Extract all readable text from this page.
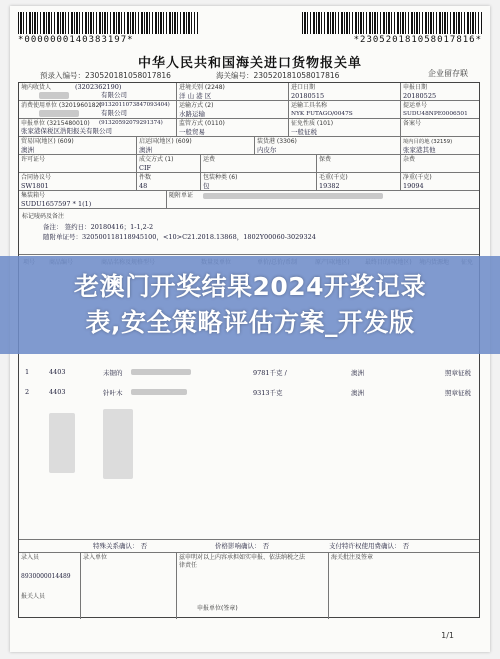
*0000000140383197*	*230520181058017816*
中华人民共和国海关进口货物报关单
预录入编号：230520181058017816	海关编号：230520181058017816	企业留存联
境内收货人	(3202362190)
有限公司
进境关别 (2248)
洋 山 港 区
进口日期
20180515
申报日期
20180525
消费使用单位 (3201960182)
(9132011073847093404)
有限公司
运输方式 (2)
水路运输
运输工具名称
NYK FUTAGO/0047S
提运单号
SUDU48NPE0006501
申报单位 (3215480010)	(91320592079291374)
张家港保税区浩阳报关有限公司
监管方式 (0110)
一般贸易
征免性质 (101)
一般征税
备案号
贸易国(地区) (609)
澳洲
启运国(地区) (609)
澳洲
装货港 (3306)
内皮尔
境内目的地 (32159)
张家港其他
许可证号	成交方式 (1)
CIF
运费	保费	杂费
合同协议号
SW1801
件数
48
包装种类 (6)
包
毛重(千克)
19382
净重(千克)
19094
集装箱号
SUDU1657597 * 1(1)
随附单证
标记唛码及备注
备注： 签约日：20180416；1-1,2-2
随附单证号：320500118118945100，<10>C21.2018.13868，1802Y00060-3029324
1	4403	未锯的	9781千克 /	澳洲	照章征税
2	4403	针叶木	9313千克	澳洲	照章征税
特殊关系确认： 否	价格影响确认： 否	支付特许权使用费确认： 否
录入员
8930000014489
报关人员
录入单位	兹申明对以上内容承担如实申报、依法纳税之法律责任
申报单位(签章)
海关批注及签章
1/1
老澳门开奖结果2024开奖记录
表,安全策略评估方案_开发版
